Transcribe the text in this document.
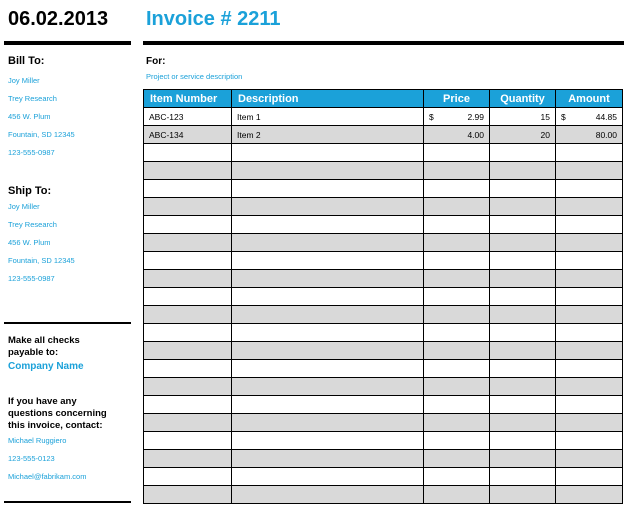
06.02.2013 Invoice # 2211
Bill To:
Joy Miller
Trey Research
456 W. Plum
Fountain, SD 12345
123-555-0987
Ship To:
Joy Miller
Trey Research
456 W. Plum
Fountain, SD 12345
123-555-0987
Make all checks
payable to:
Company Name
If you have any
questions concerning
this invoice, contact:
Michael Ruggiero
123-555-0123
Michael@fabrikam.com
For:
Project or service description
Item Number	Description	Price	Quantity	Amount
ABC-123	Item 1	$ 2.99	15	$ 44.85
ABC-134	Item 2	4.00	20	80.00
